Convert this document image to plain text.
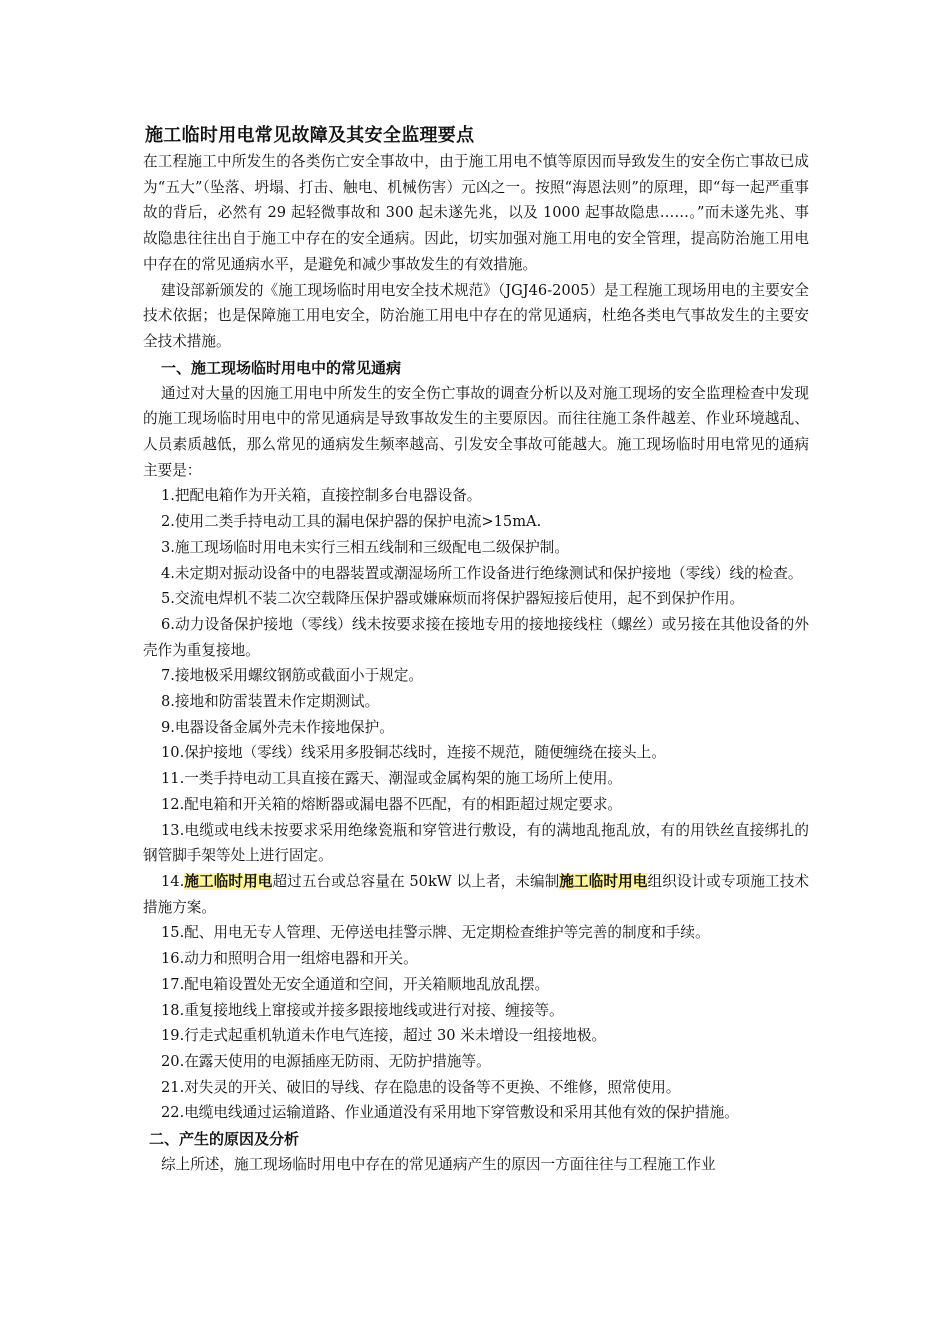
施工临时用电常见故障及其安全监理要点

在工程施工中所发生的各类伤亡安全事故中，由于施工用电不慎等原因而导致发生的安全伤亡事故已成为“五大”（坠落、坍塌、打击、触电、机械伤害）元凶之一。按照“海恩法则”的原理，即“每一起严重事故的背后，必然有 29 起轻微事故和 300 起未遂先兆，以及 1000 起事故隐患……。”而未遂先兆、事故隐患往往出自于施工中存在的安全通病。因此，切实加强对施工用电的安全管理，提高防治施工用电中存在的常见通病水平，是避免和减少事故发生的有效措施。

建设部新颁发的《施工现场临时用电安全技术规范》（JGJ46-2005）是工程施工现场用电的主要安全技术依据；也是保障施工用电安全，防治施工用电中存在的常见通病，杜绝各类电气事故发生的主要安全技术措施。

一、施工现场临时用电中的常见通病

通过对大量的因施工用电中所发生的安全伤亡事故的调查分析以及对施工现场的安全监理检查中发现的施工现场临时用电中的常见通病是导致事故发生的主要原因。而往往施工条件越差、作业环境越乱、人员素质越低，那么常见的通病发生频率越高、引发安全事故可能越大。施工现场临时用电常见的通病主要是：

1.把配电箱作为开关箱，直接控制多台电器设备。

2.使用二类手持电动工具的漏电保护器的保护电流>15mA.

3.施工现场临时用电未实行三相五线制和三级配电二级保护制。

4.未定期对振动设备中的电器装置或潮湿场所工作设备进行绝缘测试和保护接地（零线）线的检查。

5.交流电焊机不装二次空载降压保护器或嫌麻烦而将保护器短接后使用，起不到保护作用。

6.动力设备保护接地（零线）线未按要求接在接地专用的接地接线柱（螺丝）或另接在其他设备的外壳作为重复接地。

7.接地极采用螺纹钢筋或截面小于规定。

8.接地和防雷装置未作定期测试。

9.电器设备金属外壳未作接地保护。

10.保护接地（零线）线采用多股铜芯线时，连接不规范，随便缠绕在接头上。

11.一类手持电动工具直接在露天、潮湿或金属构架的施工场所上使用。

12.配电箱和开关箱的熔断器或漏电器不匹配，有的相距超过规定要求。

13.电缆或电线未按要求采用绝缘瓷瓶和穿管进行敷设，有的满地乱拖乱放，有的用铁丝直接绑扎的钢管脚手架等处上进行固定。

14.施工临时用电超过五台或总容量在 50kW 以上者，未编制施工临时用电组织设计或专项施工技术措施方案。

15.配、用电无专人管理、无停送电挂警示牌、无定期检查维护等完善的制度和手续。

16.动力和照明合用一组熔电器和开关。

17.配电箱设置处无安全通道和空间，开关箱顺地乱放乱摆。

18.重复接地线上窜接或并接多跟接地线或进行对接、缠接等。

19.行走式起重机轨道未作电气连接，超过 30 米未增设一组接地极。

20.在露天使用的电源插座无防雨、无防护措施等。

21.对失灵的开关、破旧的导线、存在隐患的设备等不更换、不维修，照常使用。

22.电缆电线通过运输道路、作业通道没有采用地下穿管敷设和采用其他有效的保护措施。

二、产生的原因及分析

综上所述，施工现场临时用电中存在的常见通病产生的原因一方面往往与工程施工作业
